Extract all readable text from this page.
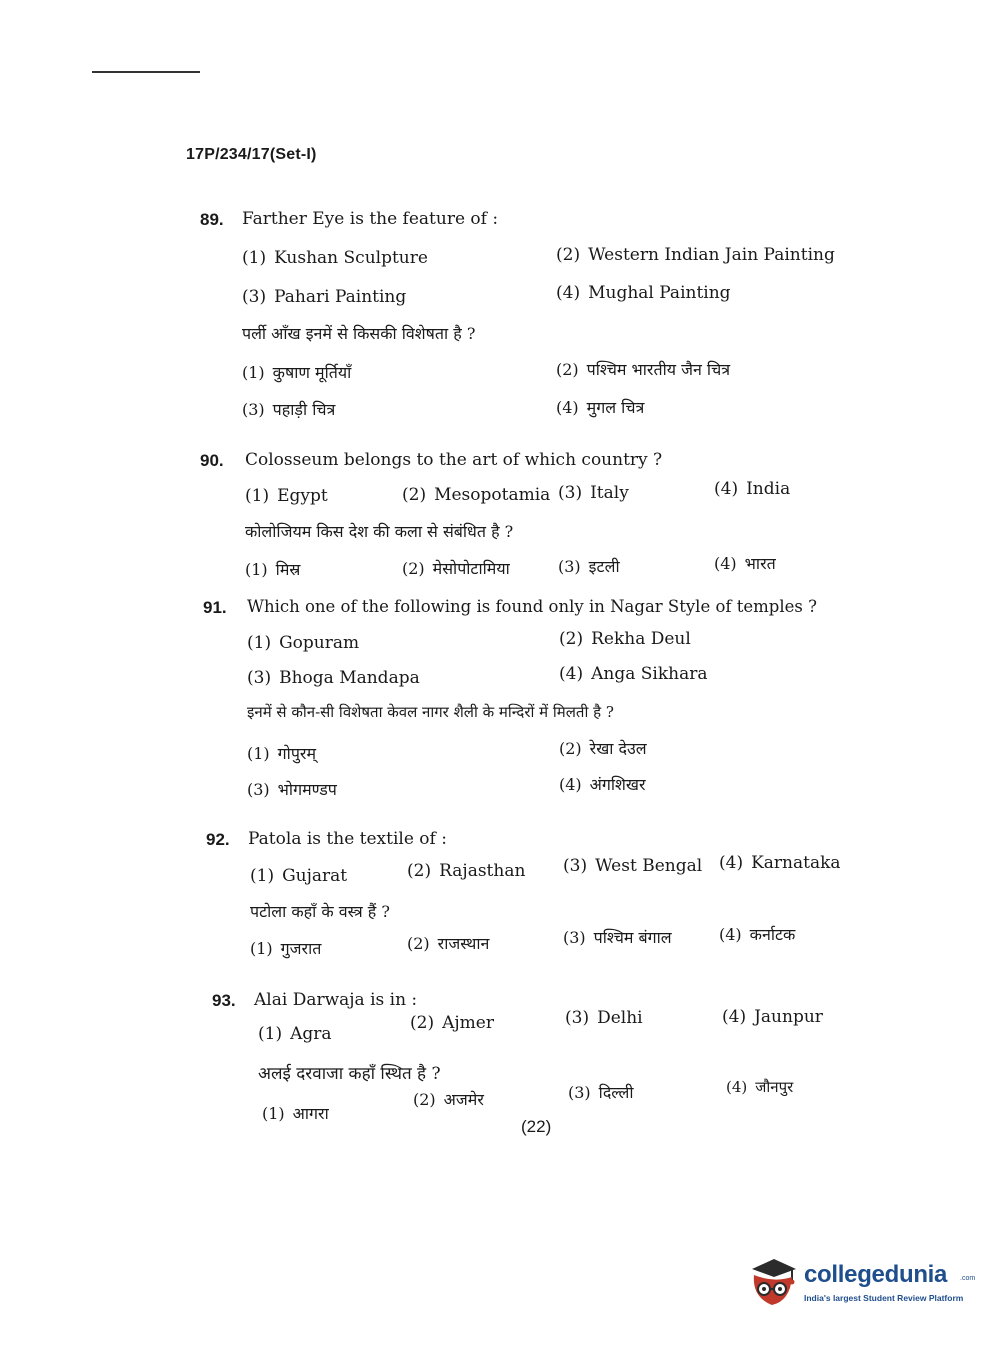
17P/234/17(Set-I)
89. Farther Eye is the feature of :
(1) Kushan Sculpture	(2) Western Indian Jain Painting
(3) Pahari Painting	(4) Mughal Painting
पर्ली आँख इनमें से किसकी विशेषता है ?
(1) कुषाण मूर्तियाँ	(2) पश्चिम भारतीय जैन चित्र
(3) पहाड़ी चित्र	(4) मुगल चित्र
90. Colosseum belongs to the art of which country ?
(1) Egypt	(2) Mesopotamia (3) Italy	(4) India
कोलोजियम किस देश की कला से संबंधित है ?
(1) मिस्र	(2) मेसोपोटामिया	(3) इटली	(4) भारत
91. Which one of the following is found only in Nagar Style of temples ?
(1) Gopuram	(2) Rekha Deul
(3) Bhoga Mandapa	(4) Anga Sikhara
इनमें से कौन-सी विशेषता केवल नागर शैली के मन्दिरों में मिलती है ?
(1) गोपुरम्	(2) रेखा देउल
(3) भोगमण्डप	(4) अंगशिखर
92. Patola is the textile of :
(1) Gujarat	(2) Rajasthan (3) West Bengal (4) Karnataka
पटोला कहाँ के वस्त्र हैं ?
(1) गुजरात	(2) राजस्थान	(3) पश्चिम बंगाल	(4) कर्नाटक
93. Alai Darwaja is in :
(1) Agra
(2) Ajmer	(3) Delhi	(4) Jaunpur
अलई दरवाजा कहाँ स्थित है ?
(1) आगरा
(2) अजमेर	(3) दिल्ली	(4) जौनपुर
(22)
collegedunia .com
India's largest Student Review Platform
